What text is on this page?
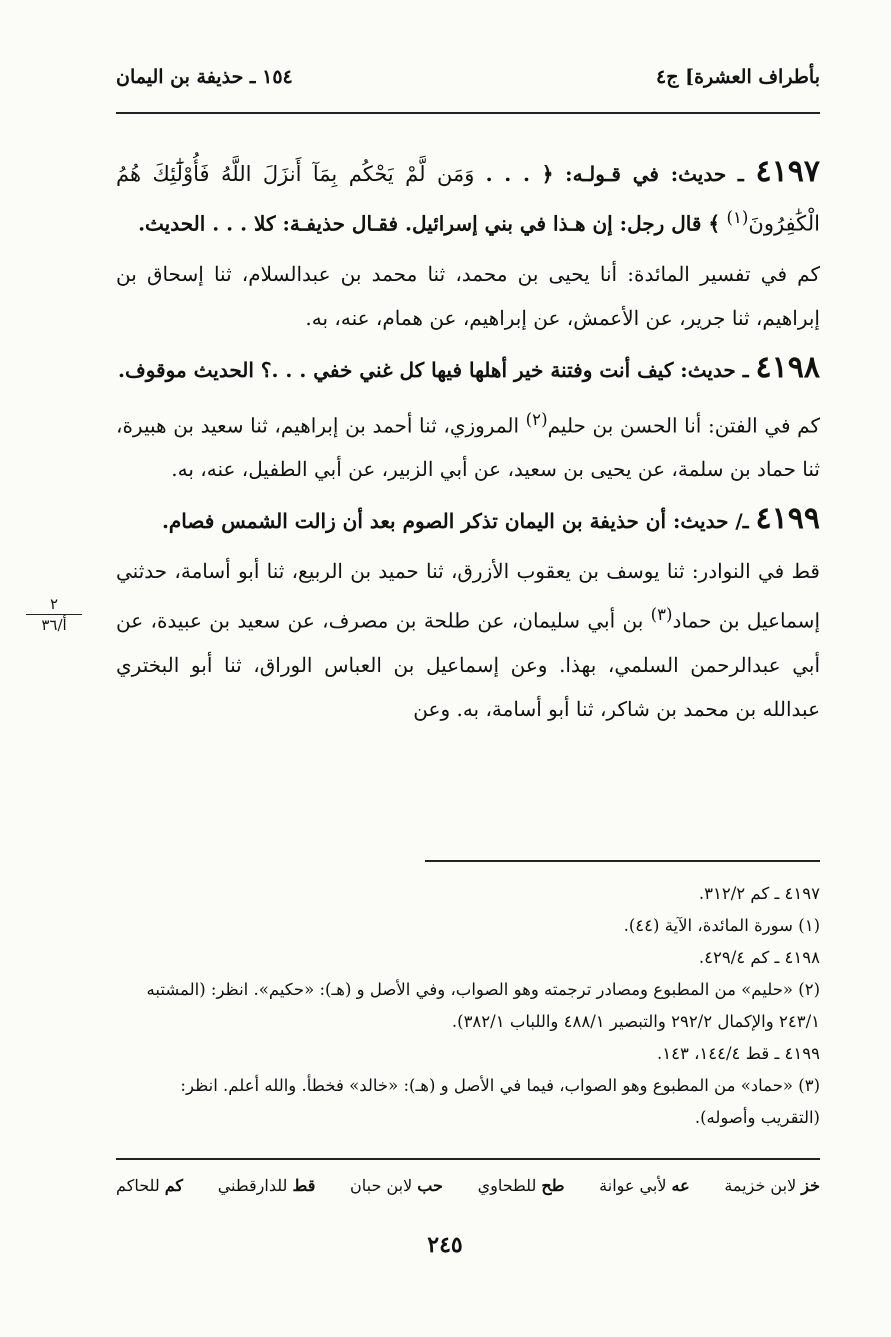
بأطراف العشرة] ج٤
١٥٤ ـ حذيفة بن اليمان

٤١٩٧ ـ حديث: في قـولـه: ﴿ . . . وَمَن لَّمْ يَحْكُم بِمَآ أَنزَلَ اللَّهُ فَأُوْلَٰٓئِكَ هُمُ الْكَٰفِرُونَ$^{(١)}$ ﴾ قال رجل: إن هـذا في بني إسرائيل. فقـال حذيفـة: كلا . . . الحديث.

كم في تفسير المائدة: أنا يحيى بن محمد، ثنا محمد بن عبدالسلام، ثنا إسحاق بن إبراهيم، ثنا جرير، عن الأعمش، عن إبراهيم، عن همام، عنه، به.

٤١٩٨ ـ حديث: كيف أنت وفتنة خير أهلها فيها كل غني خفي . . .؟ الحديث موقوف.

كم في الفتن: أنا الحسن بن حليم$^{(٢)}$ المروزي، ثنا أحمد بن إبراهيم، ثنا سعيد بن هبيرة، ثنا حماد بن سلمة، عن يحيى بن سعيد، عن أبي الزبير، عن أبي الطفيل، عنه، به.

٤١٩٩ ـ/ حديث: أن حذيفة بن اليمان تذكر الصوم بعد أن زالت الشمس فصام.

قط في النوادر: ثنا يوسف بن يعقوب الأزرق، ثنا حميد بن الربيع، ثنا أبو أسامة، حدثني إسماعيل بن حماد$^{(٣)}$ بن أبي سليمان، عن طلحة بن مصرف، عن سعيد بن عبيدة، عن أبي عبدالرحمن السلمي، بهذا. وعن إسماعيل بن العباس الوراق، ثنا أبو البختري عبدالله بن محمد بن شاكر، ثنا أبو أسامة، به. وعن

٢
أ/٣٦

٤١٩٧ ـ كم ٣١٢/٢.

(١) سورة المائدة، الآية (٤٤).

٤١٩٨ ـ كم ٤٢٩/٤.

(٢) «حليم» من المطبوع ومصادر ترجمته وهو الصواب، وفي الأصل و (هـ): «حكيم». انظر: (المشتبه ٢٤٣/١ والإكمال ٢٩٢/٢ والتبصير ٤٨٨/١ واللباب ٣٨٢/١).

٤١٩٩ ـ قط ١٤٤/٤، ١٤٣.

(٣) «حماد» من المطبوع وهو الصواب، فيما في الأصل و (هـ): «خالد» فخطأ. والله أعلم. انظر: (التقريب وأصوله).

خز لابن خزيمة
عه لأبي عوانة
طح للطحاوي
حب لابن حبان
قط للدارقطني
كم للحاكم
٢٤٥
